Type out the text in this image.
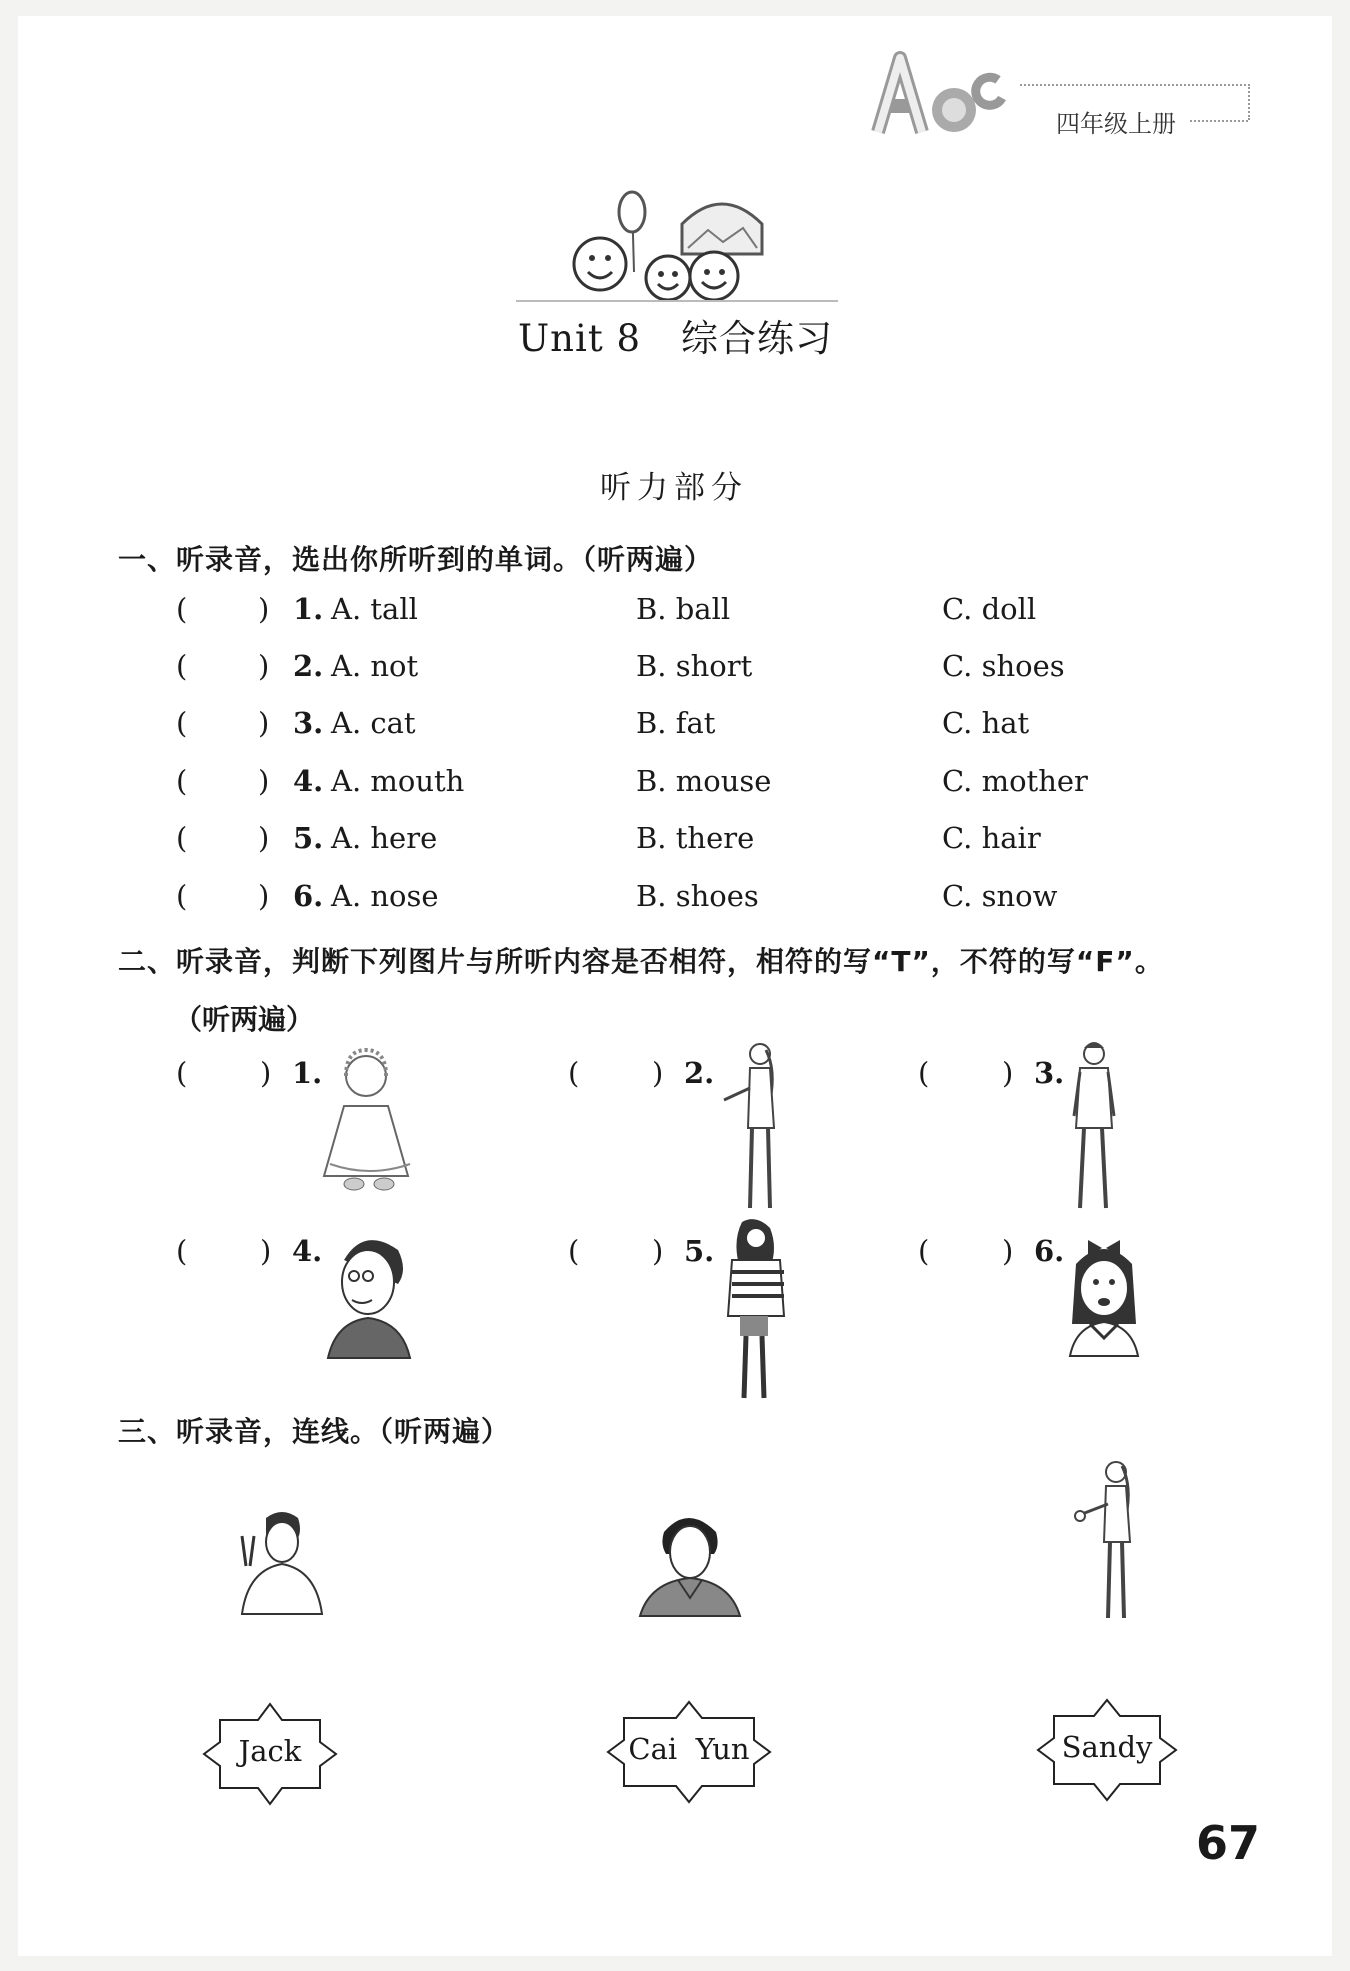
四年级上册
Unit 8 综合练习
听力部分
一、听录音，选出你所听到的单词。（听两遍）
( ) 1. A. tall	B. ball	C. doll
( ) 2. A. not	B. short	C. shoes
( ) 3. A. cat	B. fat	C. hat
( ) 4. A. mouth	B. mouse	C. mother
( ) 5. A. here	B. there	C. hair
( ) 6. A. nose	B. shoes	C. snow
二、听录音，判断下列图片与所听内容是否相符，相符的写“T”，不符的写“F”。
（听两遍）
(	) 1.	(	) 2.	(	) 3.
(	) 4.	(	) 5.	(	) 6.
三、听录音，连线。（听两遍）
Jack	Cai  Yun	Sandy
67
